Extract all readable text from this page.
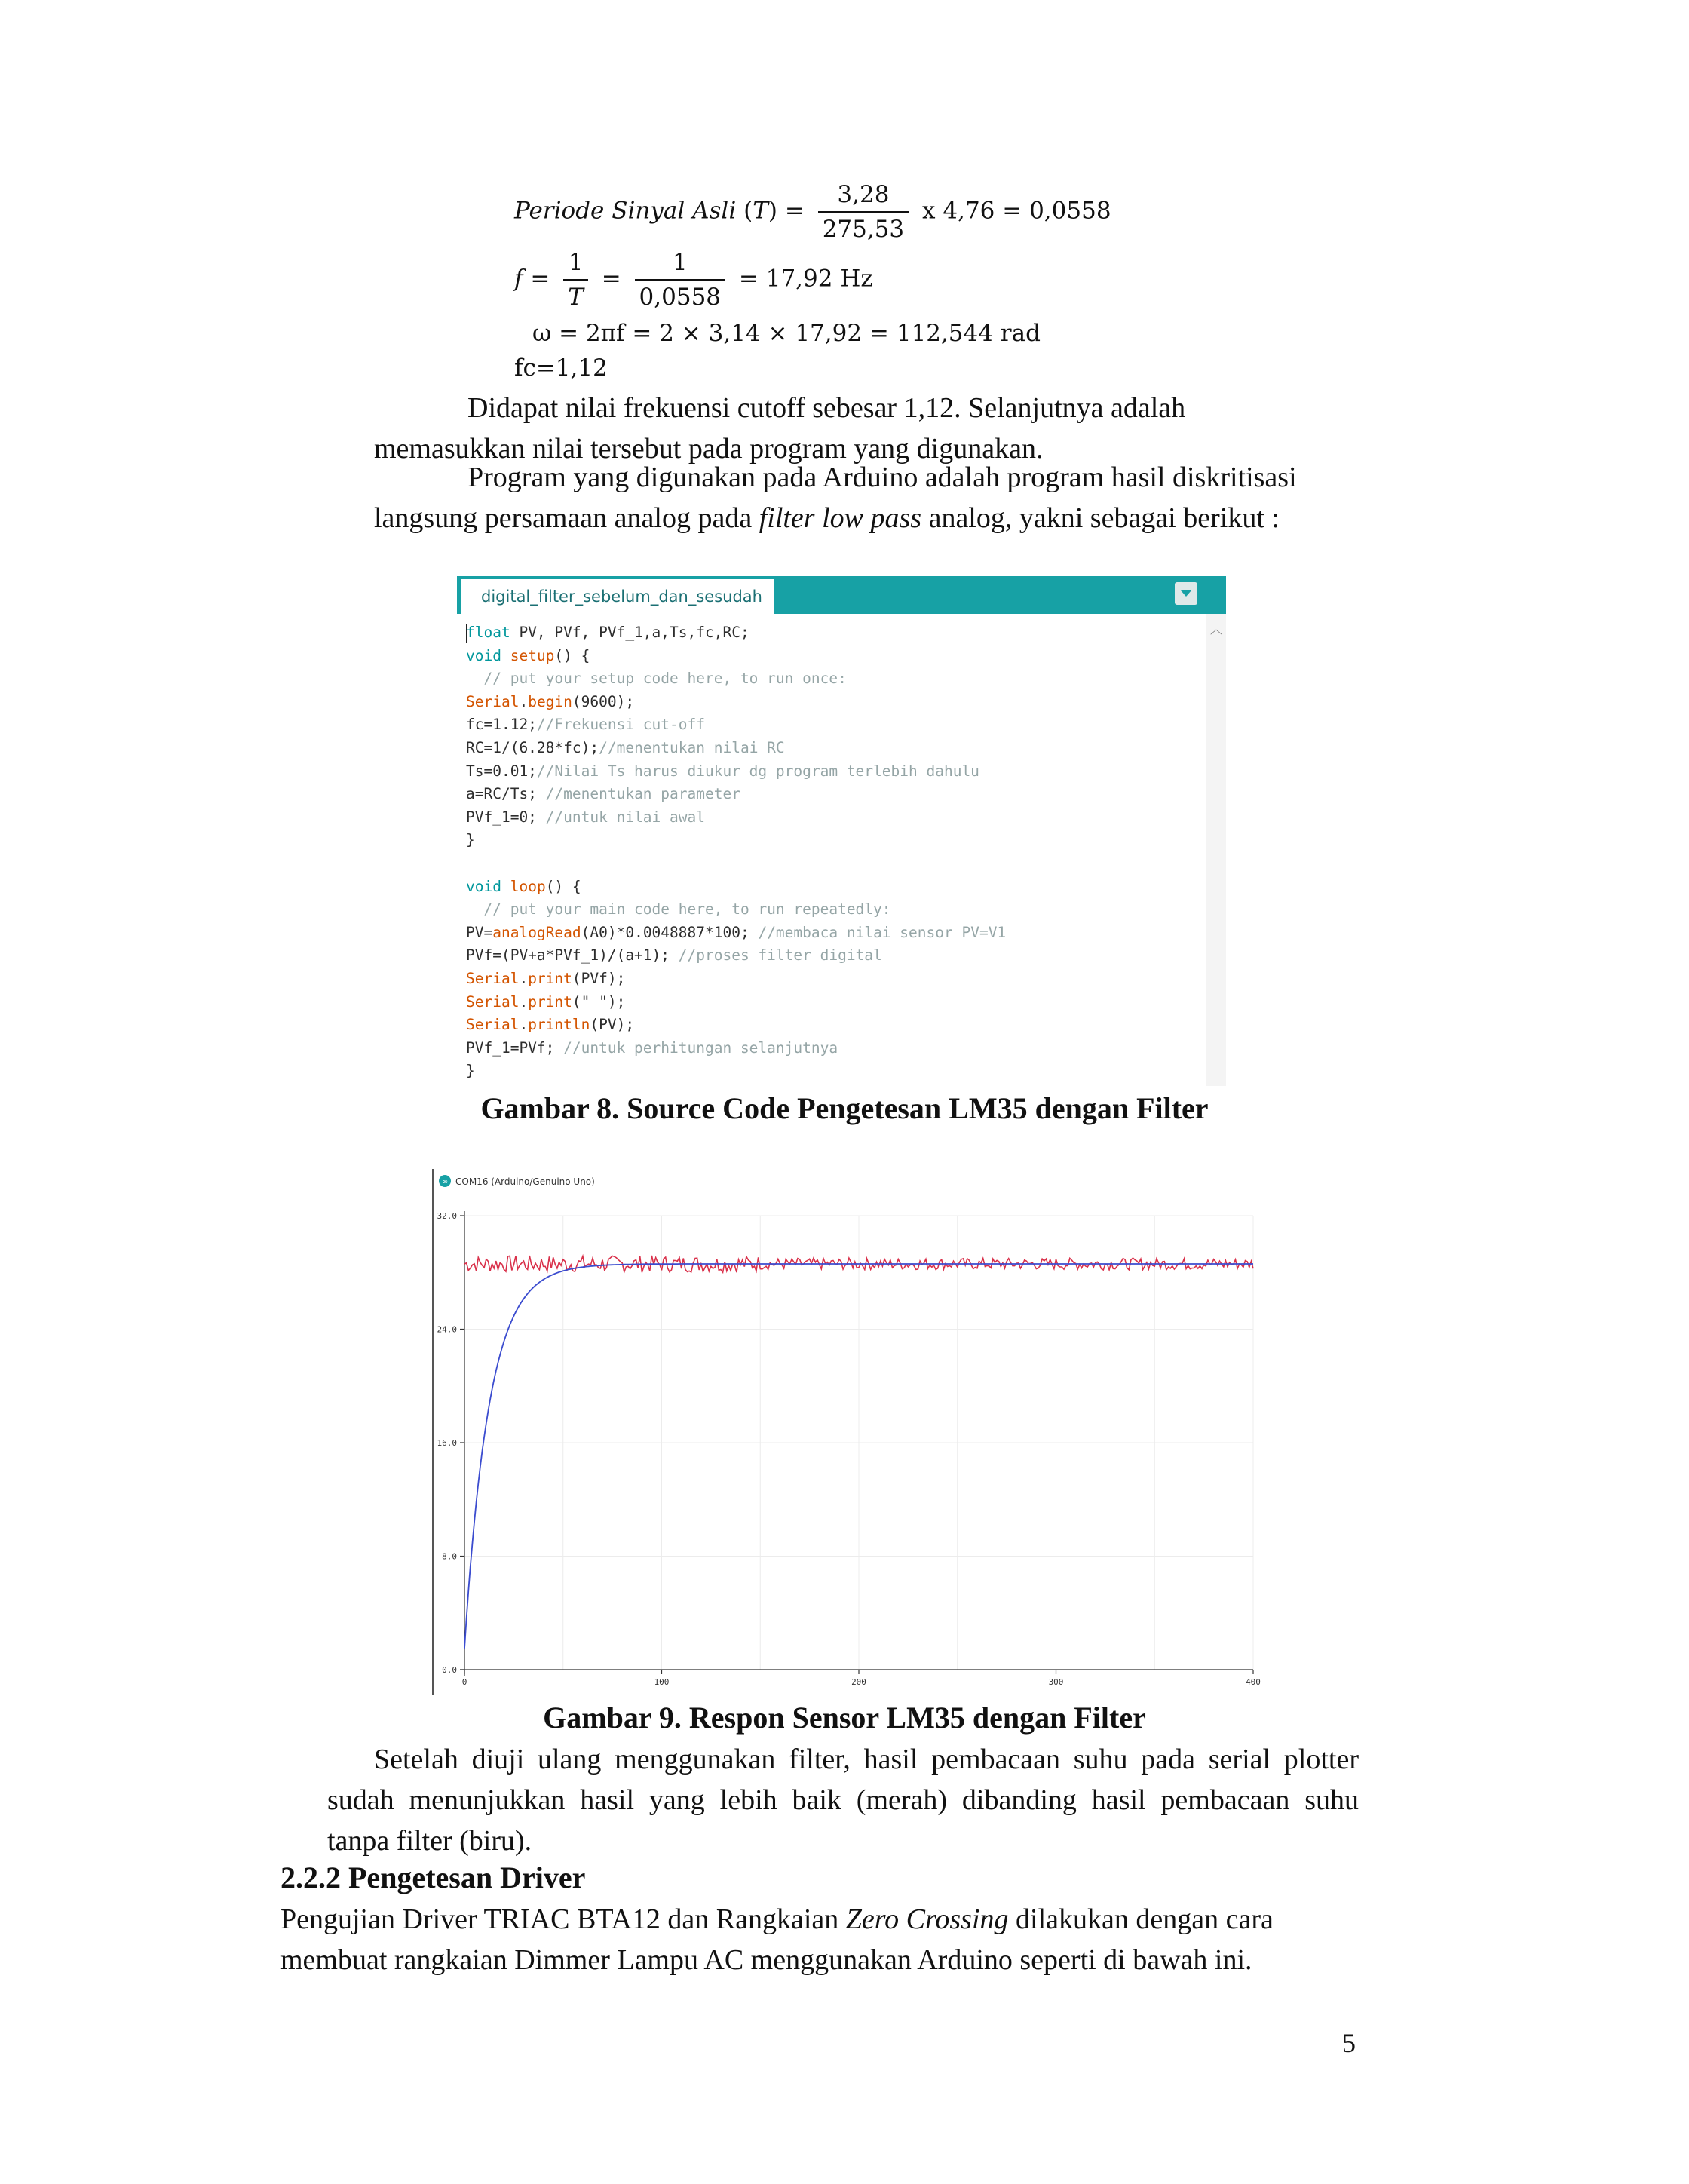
Periode Sinyal Asli $(T) = \frac{3,28}{275,53}$ x 4,76 = 0,0558
$f = \frac{1}{T} = \frac{1}{0,0558} = 17,92$ Hz
ω = 2πf = 2 × 3,14 × 17,92 = 112,544 rad
fc=1,12
Didapat nilai frekuensi cutoff sebesar 1,12. Selanjutnya adalah
memasukkan nilai tersebut pada program yang digunakan.
Program yang digunakan pada Arduino adalah program hasil diskritisasi
langsung persamaan analog pada filter low pass analog, yakni sebagai berikut :
digital_filter_sebelum_dan_sesudah
︿
float PV, PVf, PVf_1,a,Ts,fc,RC;
void setup() {
// put your setup code here, to run once:
Serial.begin(9600);
fc=1.12;//Frekuensi cut-off
RC=1/(6.28*fc);//menentukan nilai RC
Ts=0.01;//Nilai Ts harus diukur dg program terlebih dahulu
a=RC/Ts; //menentukan parameter
PVf_1=0; //untuk nilai awal
}
void loop() {
// put your main code here, to run repeatedly:
PV=analogRead(A0)*0.0048887*100; //membaca nilai sensor PV=V1
PVf=(PV+a*PVf_1)/(a+1); //proses filter digital
Serial.print(PVf);
Serial.print(" ");
Serial.println(PV);
PVf_1=PVf; //untuk perhitungan selanjutnya
}
Gambar 8. Source Code Pengetesan LM35 dengan Filter
∞ COM16 (Arduino/Genuino Uno)
0.0
8.0
16.0
24.0
32.0
0	100	200	300	400
Gambar 9. Respon Sensor LM35 dengan Filter
Setelah diuji ulang menggunakan filter, hasil pembacaan suhu pada serial plotter
sudah menunjukkan hasil yang lebih baik (merah) dibanding hasil pembacaan suhu
tanpa filter (biru).
2.2.2 Pengetesan Driver
Pengujian Driver TRIAC BTA12 dan Rangkaian Zero Crossing dilakukan dengan cara
membuat rangkaian Dimmer Lampu AC menggunakan Arduino seperti di bawah ini.
5
